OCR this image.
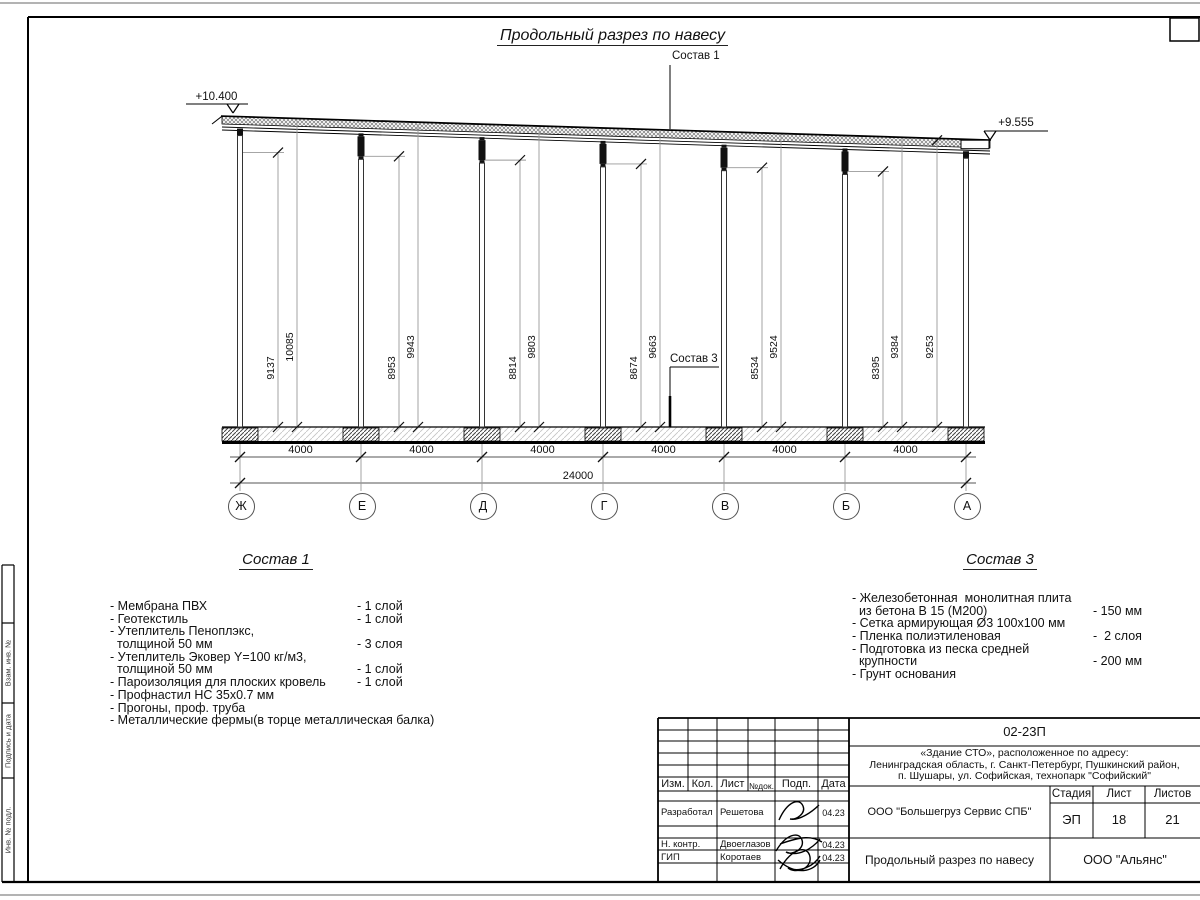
Продольный разрез по навесу
Состав 1
Состав 3
+10.400
+9.555
24000
Состав 1
- Мембрана ПВХ	- 1 слой
- Геотекстиль	- 1 слой
- Утеплитель Пеноплэкс,
толщиной 50 мм	- 3 слоя
- Утеплитель Эковер Y=100 кг/м3,
толщиной 50 мм	- 1 слой
- Пароизоляция для плоских кровель - 1 слой
- Профнастил НС 35х0.7 мм
- Прогоны, проф. труба
- Металлические фермы(в торце металлическая балка)
Состав 3
- Железобетонная  монолитная плита
из бетона В 15 (М200)	- 150 мм
- Сетка армирующая Ø3 100х100 мм
- Пленка полиэтиленовая	-  2 слоя
- Подготовка из песка средней
крупности	- 200 мм
- Грунт основания
02-23П
«Здание СТО», расположенное по адресу:
Ленинградская область, г. Санкт-Петербург, Пушкинский район,
п. Шушары, ул. Софийская, технопарк "Софийский"
Изм. Кол. Лист №док. Подп. Дата
Разработал Решетова	04.23
Н. контр. Двоеглазов	04.23
ГИП	Коротаев	04.23
ООО "Большегруз Сервис СПБ"
Стадия	Лист	Листов
ЭП	18	21
Продольный разрез по навесу	ООО "Альянс"
Взам. инв. №
Подпись и дата
Инв. № подл.
Ж	Е	Д	Г	В	Б	А
4000	4000	4000	4000	4000	4000
9137
10085
8953
9943
8814
9803
8674
9663
8534
9524
8395
9384 9253
